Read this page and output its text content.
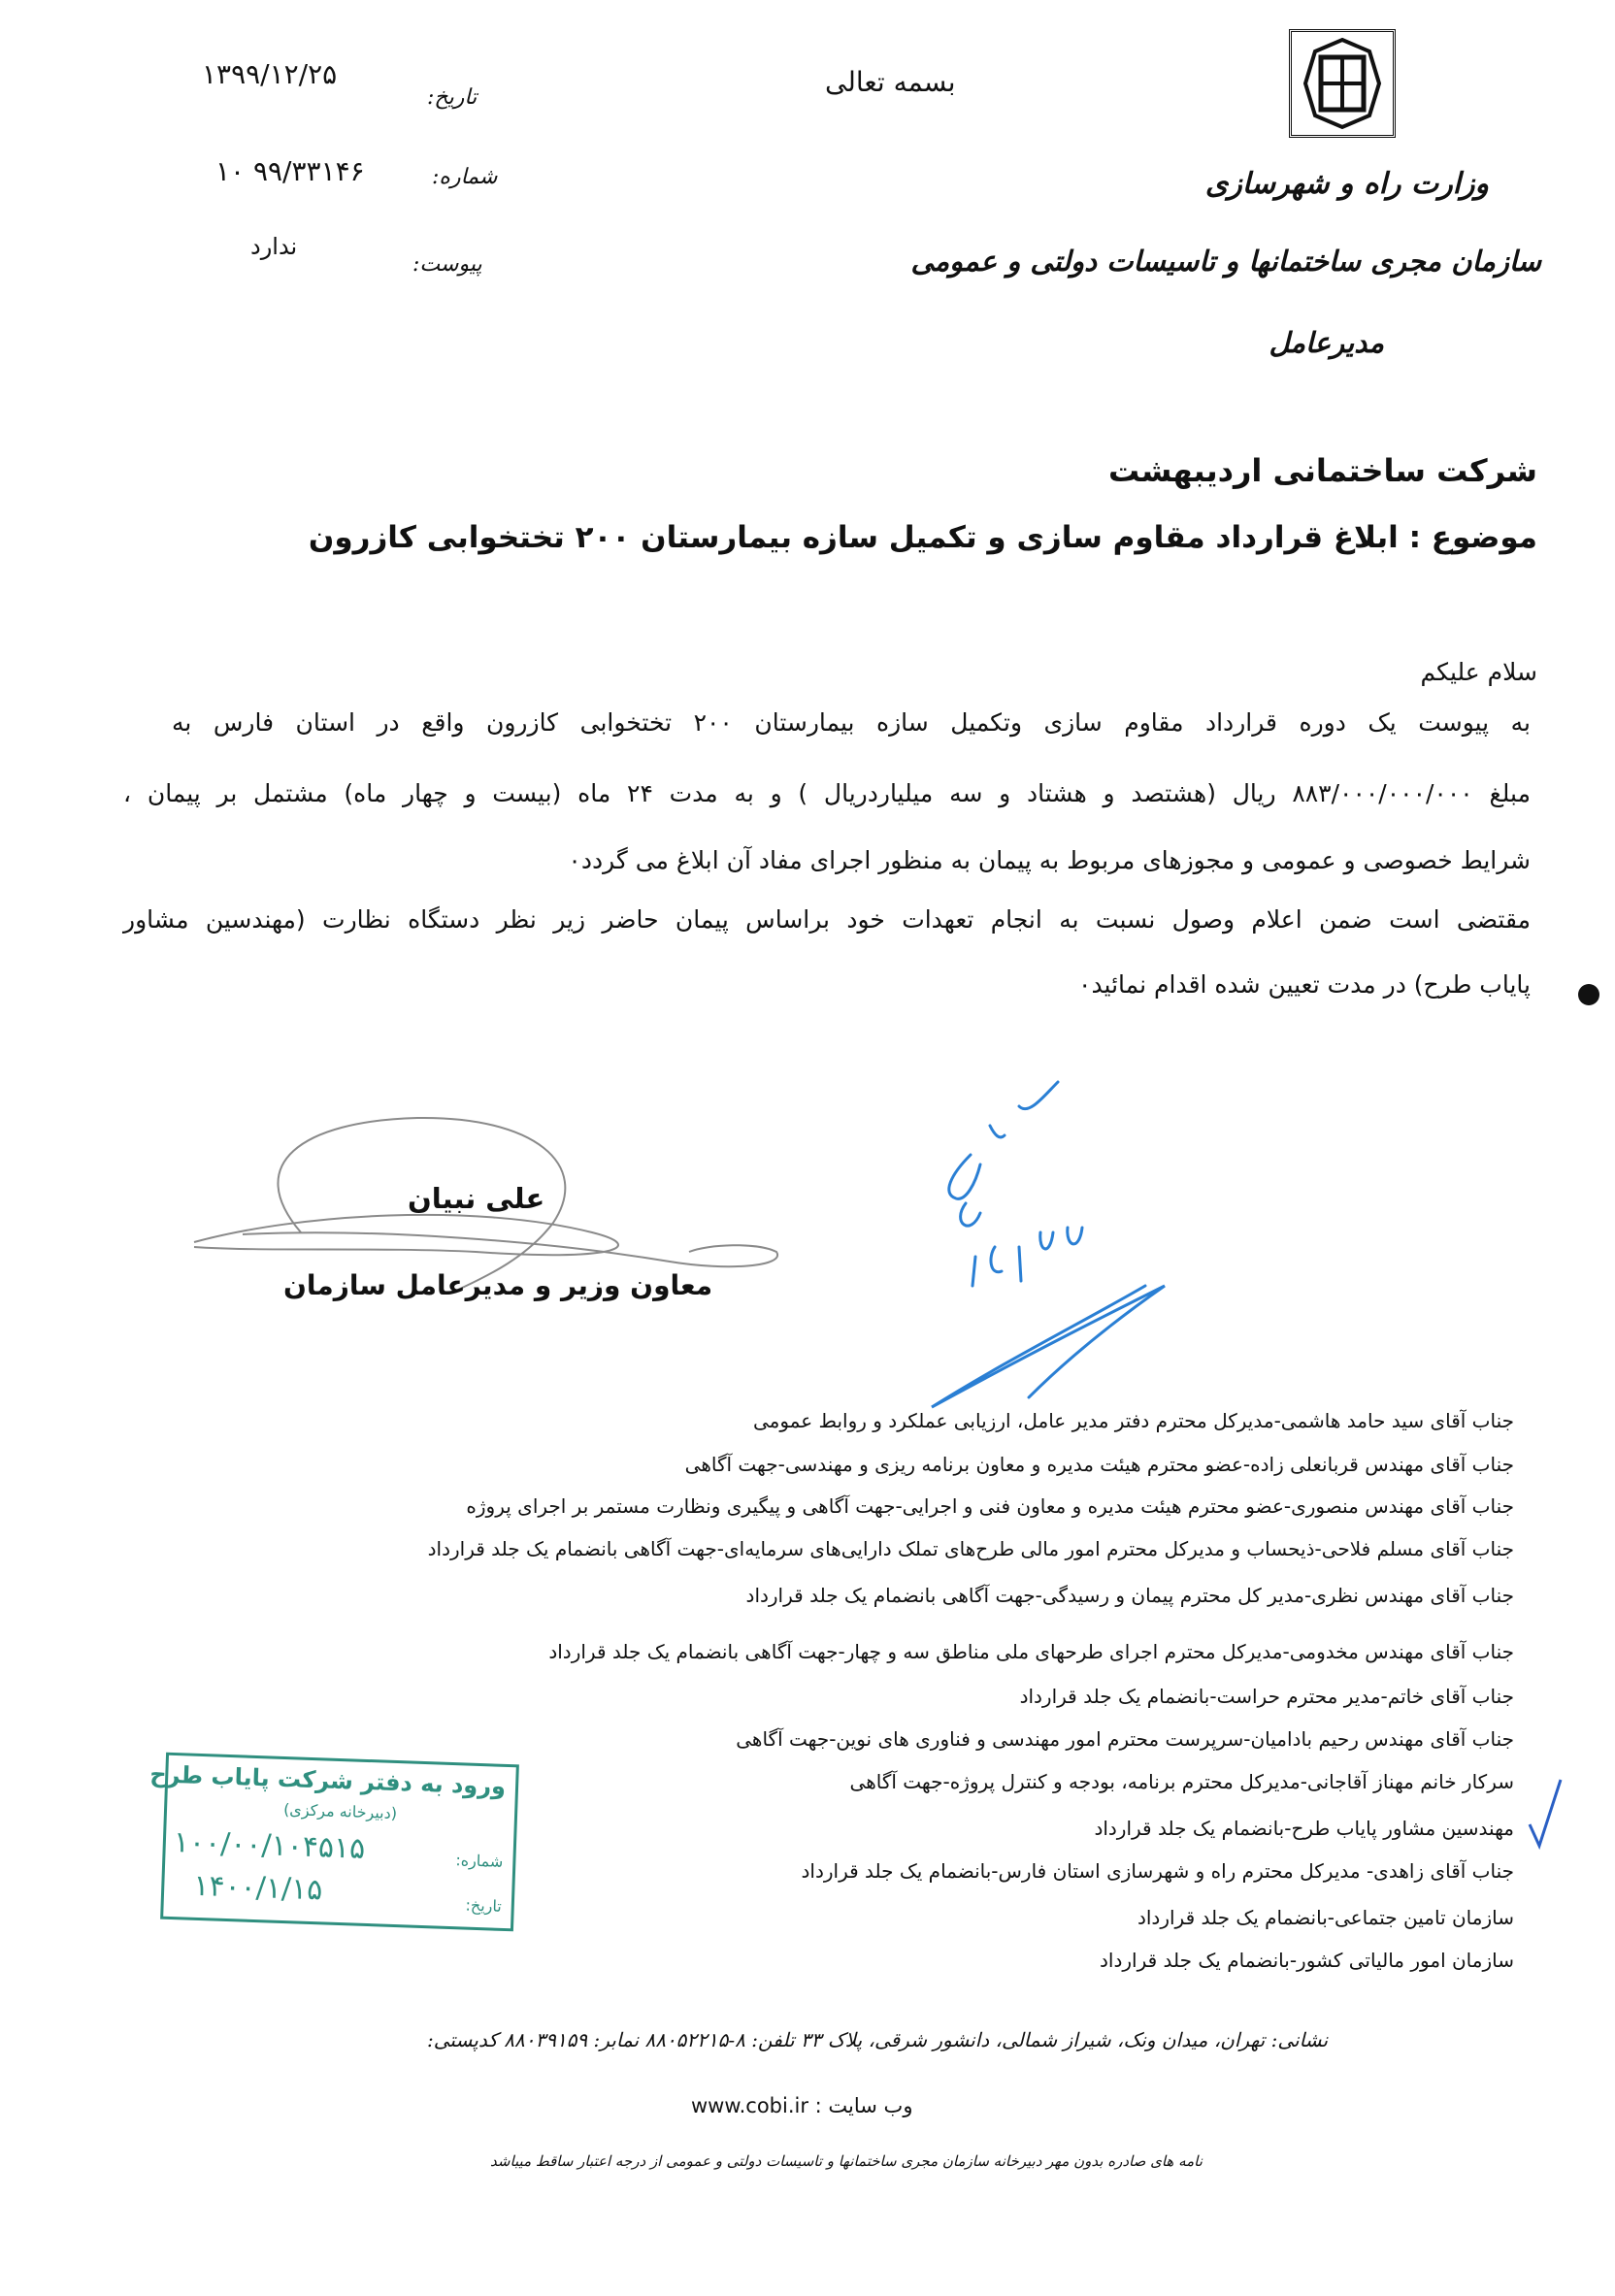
وزارت راه و شهرسازی
سازمان مجری ساختمانها و تاسیسات دولتی و عمومی
مدیرعامل
بسمه تعالی
تاریخ:
۱۳۹۹/۱۲/۲۵
شماره:
۱۰ ۹۹/۳۳۱۴۶
پیوست:
ندارد
شرکت ساختمانی اردیبهشت
موضوع : ابلاغ قرارداد مقاوم سازی و تکمیل سازه بیمارستان ۲۰۰ تختخوابی کازرون
سلام علیکم
به پیوست یک دوره قرارداد مقاوم سازی وتکمیل سازه بیمارستان ۲۰۰ تختخوابی کازرون واقع در استان فارس به
مبلغ ۸۸۳/۰۰۰/۰۰۰/۰۰۰ ریال (هشتصد و هشتاد و سه میلیاردریال ) و به مدت ۲۴ ماه (بیست و چهار ماه) مشتمل بر پیمان ،
شرایط خصوصی و عمومی و مجوزهای مربوط به پیمان به منظور اجرای مفاد آن ابلاغ می گردد٠
مقتضی است ضمن اعلام وصول نسبت به انجام تعهدات خود براساس پیمان حاضر زیر نظر دستگاه نظارت (مهندسین مشاور
پایاب طرح) در مدت تعیین شده اقدام نمائید٠
علی نبیان
معاون وزیر و مدیرعامل سازمان
جناب آقای سید حامد هاشمی-مدیرکل محترم دفتر مدیر عامل، ارزیابی عملکرد و روابط عمومی
جناب آقای مهندس قربانعلی زاده-عضو محترم هیئت مدیره و معاون برنامه ریزی و مهندسی-جهت آگاهی
جناب آقای مهندس منصوری-عضو محترم هیئت مدیره و معاون فنی و اجرایی-جهت آگاهی و پیگیری ونظارت مستمر بر اجرای پروژه
جناب آقای مسلم فلاحی-ذیحساب و مدیرکل محترم امور مالی طرح‌های تملک دارایی‌های سرمایه‌ای-جهت آگاهی بانضمام یک جلد قرارداد
جناب آقای مهندس نظری-مدیر کل محترم پیمان و رسیدگی-جهت آگاهی بانضمام یک جلد قرارداد
جناب آقای مهندس مخدومی-مدیرکل محترم اجرای طرحهای ملی مناطق سه و چهار-جهت آگاهی بانضمام یک جلد قرارداد
جناب آقای خاتم-مدیر محترم حراست-بانضمام یک جلد قرارداد
جناب آقای مهندس رحیم بادامیان-سرپرست محترم امور مهندسی و فناوری های نوین-جهت آگاهی
سرکار خانم مهناز آقاجانی-مدیرکل محترم برنامه، بودجه و کنترل پروژه-جهت آگاهی
مهندسین مشاور پایاب طرح-بانضمام یک جلد قرارداد
جناب آقای زاهدی- مدیرکل محترم راه و شهرسازی استان فارس-بانضمام یک جلد قرارداد
سازمان تامین جتماعی-بانضمام یک جلد قرارداد
سازمان امور مالیاتی کشور-بانضمام یک جلد قرارداد
ورود به دفتر شرکت پایاب طرح
(دبیرخانه مرکزی)
شماره:
۱۰۰/۰۰/۱۰۴۵۱۵
تاریخ:
۱۴۰۰/۱/۱۵
نشانی: تهران، میدان ونک، شیراز شمالی، دانشور شرقی، پلاک ۳۳ تلفن: ۸-۸۸۰۵۲۲۱۵ نمابر: ۸۸۰۳۹۱۵۹ کدپستی:
وب سایت : www.cobi.ir
نامه های صادره بدون مهر دبیرخانه سازمان مجری ساختمانها و تاسیسات دولتی و عمومی از درجه اعتبار ساقط میباشد
